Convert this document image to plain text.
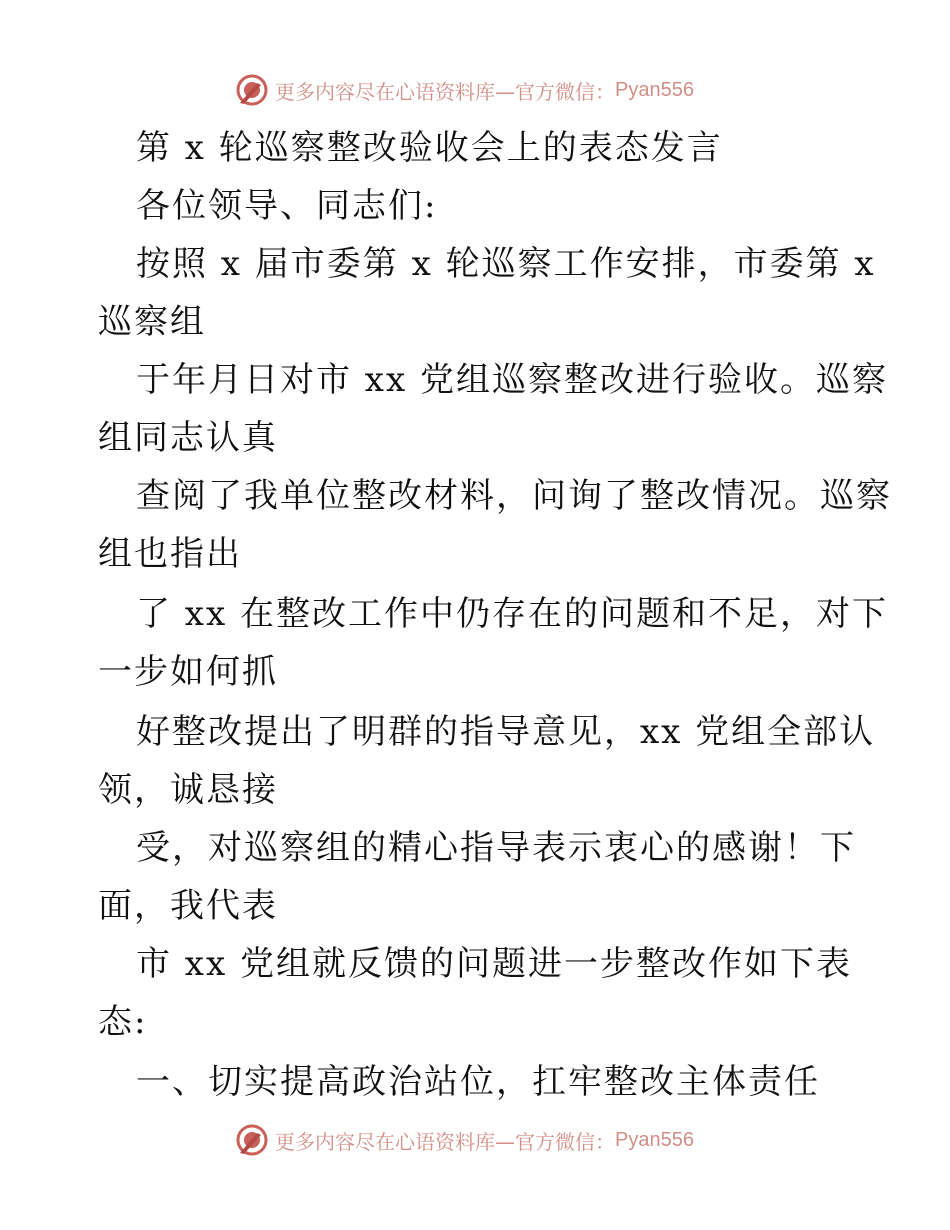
更多内容尽在心语资料库—官方微信： Pyan556
第 x 轮巡察整改验收会上的表态发言
各位领导、同志们:
按照 x 届市委第 x 轮巡察工作安排，市委第 x
巡察组
于年月日对市 xx 党组巡察整改进行验收。巡察
组同志认真
查阅了我单位整改材料，问询了整改情况。巡察
组也指出
了 xx 在整改工作中仍存在的问题和不足，对下
一步如何抓
好整改提出了明群的指导意见，xx 党组全部认
领，诚恳接
受，对巡察组的精心指导表示衷心的感谢！下
面，我代表
市 xx 党组就反馈的问题进一步整改作如下表
态:
一、切实提高政治站位，扛牢整改主体责任
更多内容尽在心语资料库—官方微信： Pyan556
